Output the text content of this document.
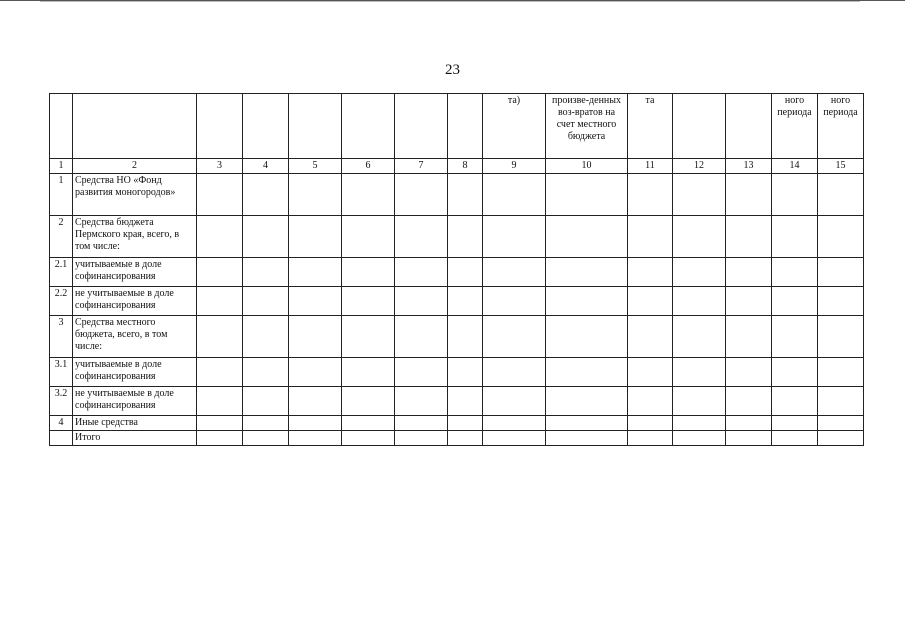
23
								та)	произве-денных воз-вратов на счет местного бюджета	та			ного периода	ного периода
1	2	3	4	5	6	7	8	9	10	11	12	13	14	15
1	Средства НО «Фонд развития моногородов»													
2	Средства бюджета Пермского края, всего, в том числе:													
2.1	учитываемые в доле софинансирования													
2.2	не учитываемые в доле софинансирования													
3	Средства местного бюджета, всего, в том числе:													
3.1	учитываемые в доле софинансирования													
3.2	не учитываемые в доле софинансирования													
4	Иные средства													
	Итого													
